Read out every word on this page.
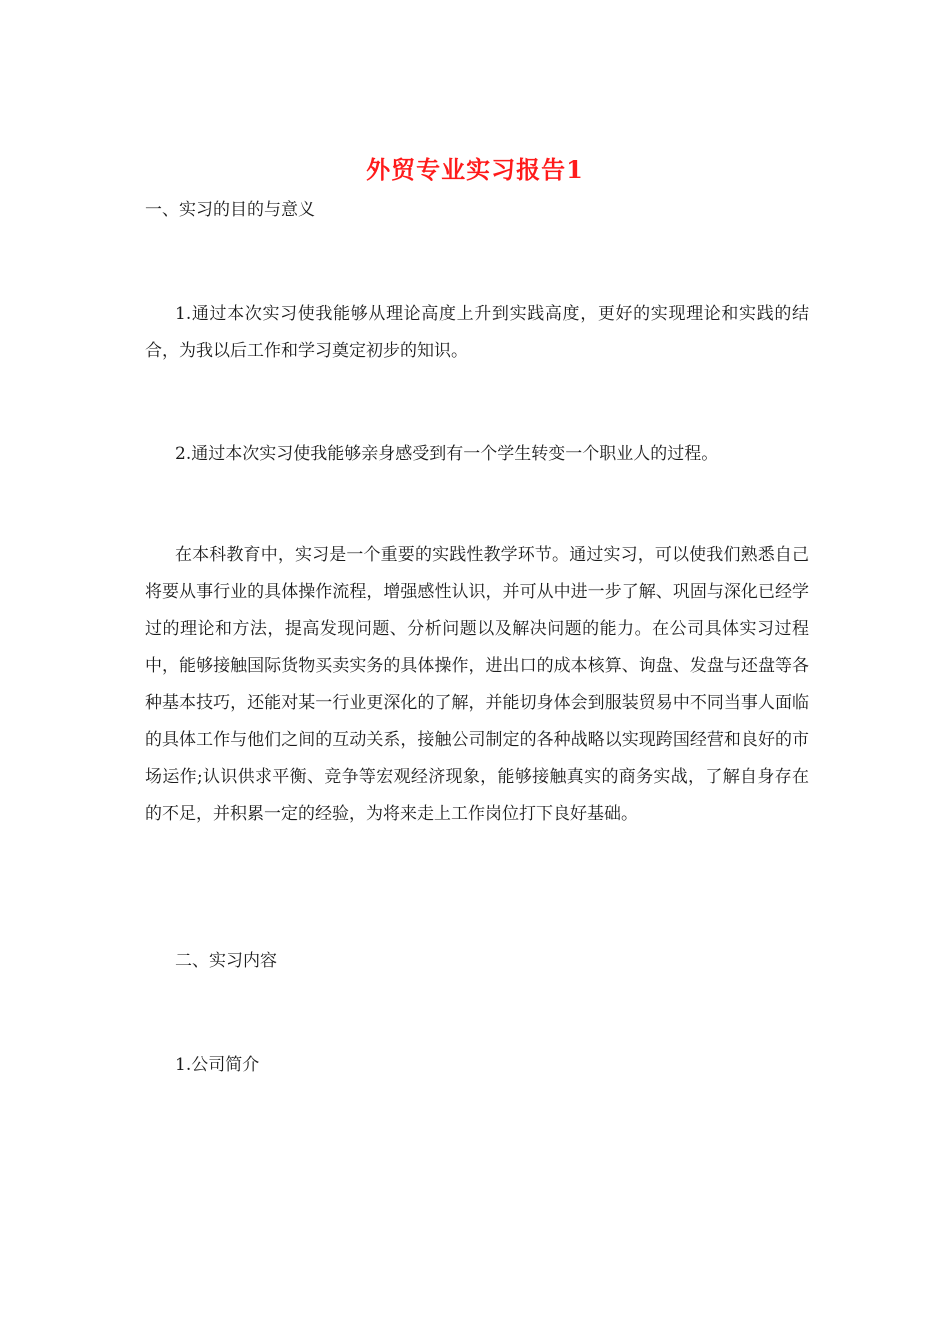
外贸专业实习报告1

一、实习的目的与意义

1.通过本次实习使我能够从理论高度上升到实践高度，更好的实现理论和实践的结合，为我以后工作和学习奠定初步的知识。

2.通过本次实习使我能够亲身感受到有一个学生转变一个职业人的过程。

在本科教育中，实习是一个重要的实践性教学环节。通过实习，可以使我们熟悉自己将要从事行业的具体操作流程，增强感性认识，并可从中进一步了解、巩固与深化已经学过的理论和方法，提高发现问题、分析问题以及解决问题的能力。在公司具体实习过程中，能够接触国际货物买卖实务的具体操作，进出口的成本核算、询盘、发盘与还盘等各种基本技巧，还能对某一行业更深化的了解，并能切身体会到服装贸易中不同当事人面临的具体工作与他们之间的互动关系，接触公司制定的各种战略以实现跨国经营和良好的市场运作;认识供求平衡、竞争等宏观经济现象，能够接触真实的商务实战，了解自身存在的不足，并积累一定的经验，为将来走上工作岗位打下良好基础。

二、实习内容

1.公司简介
